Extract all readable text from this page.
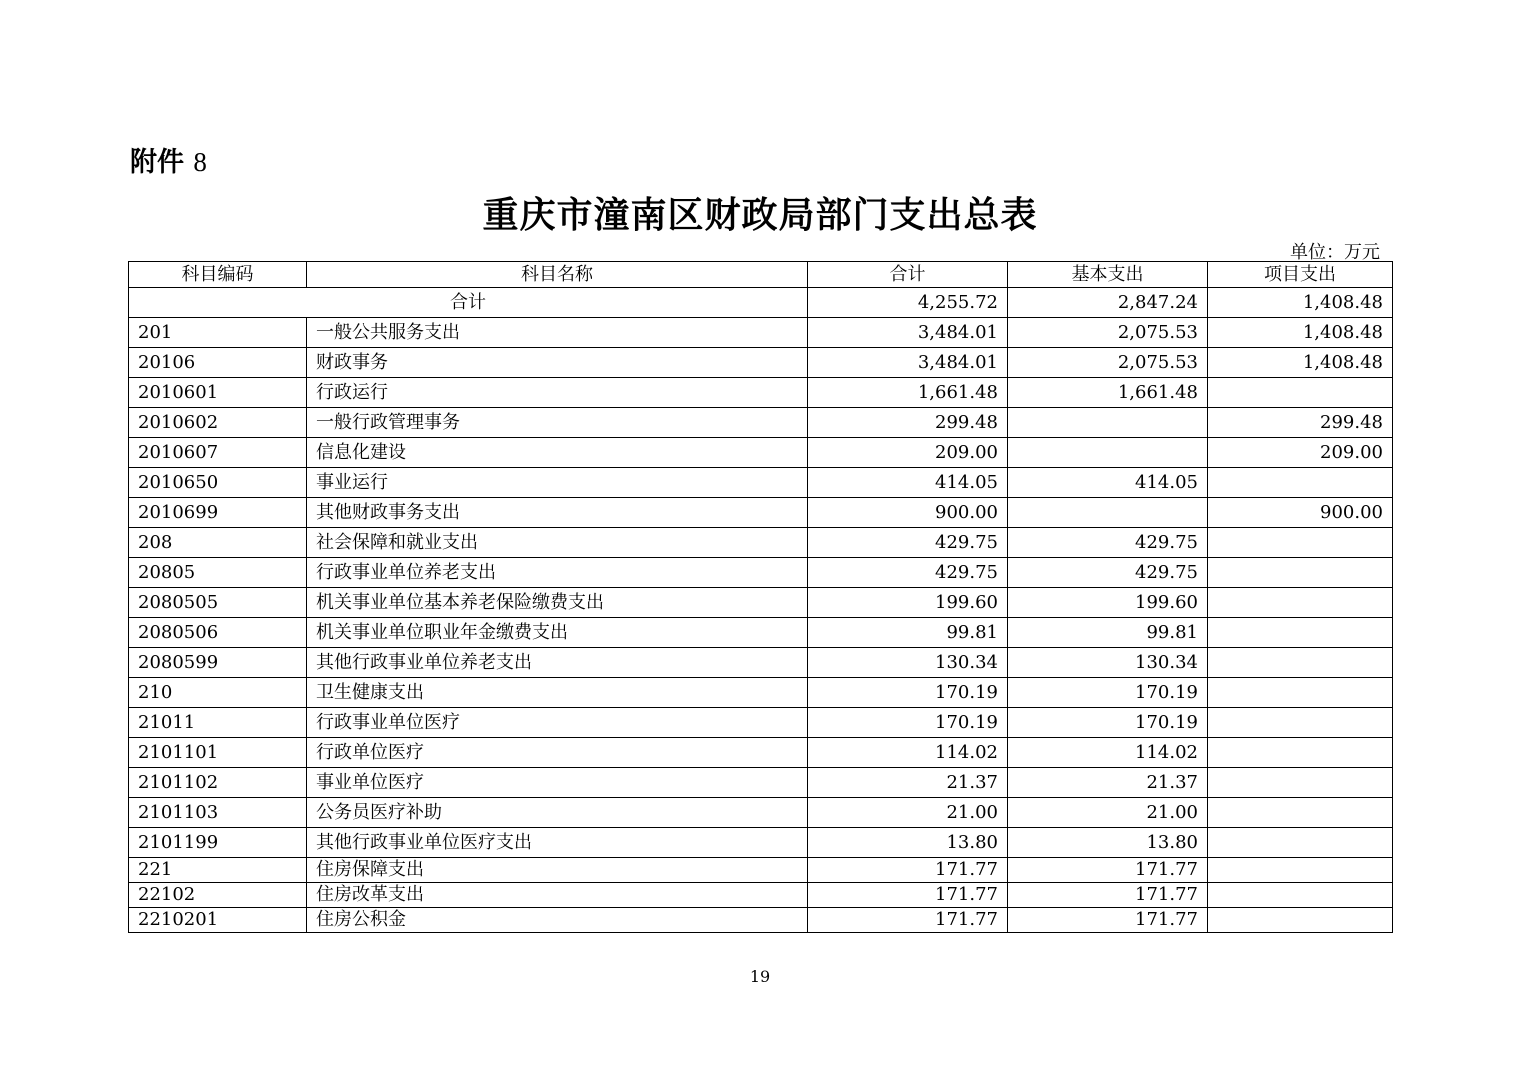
附件 8
重庆市潼南区财政局部门支出总表
单位：万元
科目编码	科目名称	合计	基本支出	项目支出
合计		4,255.72	2,847.24	1,408.48
201	一般公共服务支出	3,484.01	2,075.53	1,408.48
20106	财政事务	3,484.01	2,075.53	1,408.48
2010601	行政运行	1,661.48	1,661.48	
2010602	一般行政管理事务	299.48		299.48
2010607	信息化建设	209.00		209.00
2010650	事业运行	414.05	414.05	
2010699	其他财政事务支出	900.00		900.00
208	社会保障和就业支出	429.75	429.75	
20805	行政事业单位养老支出	429.75	429.75	
2080505	机关事业单位基本养老保险缴费支出	199.60	199.60	
2080506	机关事业单位职业年金缴费支出	99.81	99.81	
2080599	其他行政事业单位养老支出	130.34	130.34	
210	卫生健康支出	170.19	170.19	
21011	行政事业单位医疗	170.19	170.19	
2101101	行政单位医疗	114.02	114.02	
2101102	事业单位医疗	21.37	21.37	
2101103	公务员医疗补助	21.00	21.00	
2101199	其他行政事业单位医疗支出	13.80	13.80	
221	住房保障支出	171.77	171.77	
22102	住房改革支出	171.77	171.77	
2210201	住房公积金	171.77	171.77	
19
